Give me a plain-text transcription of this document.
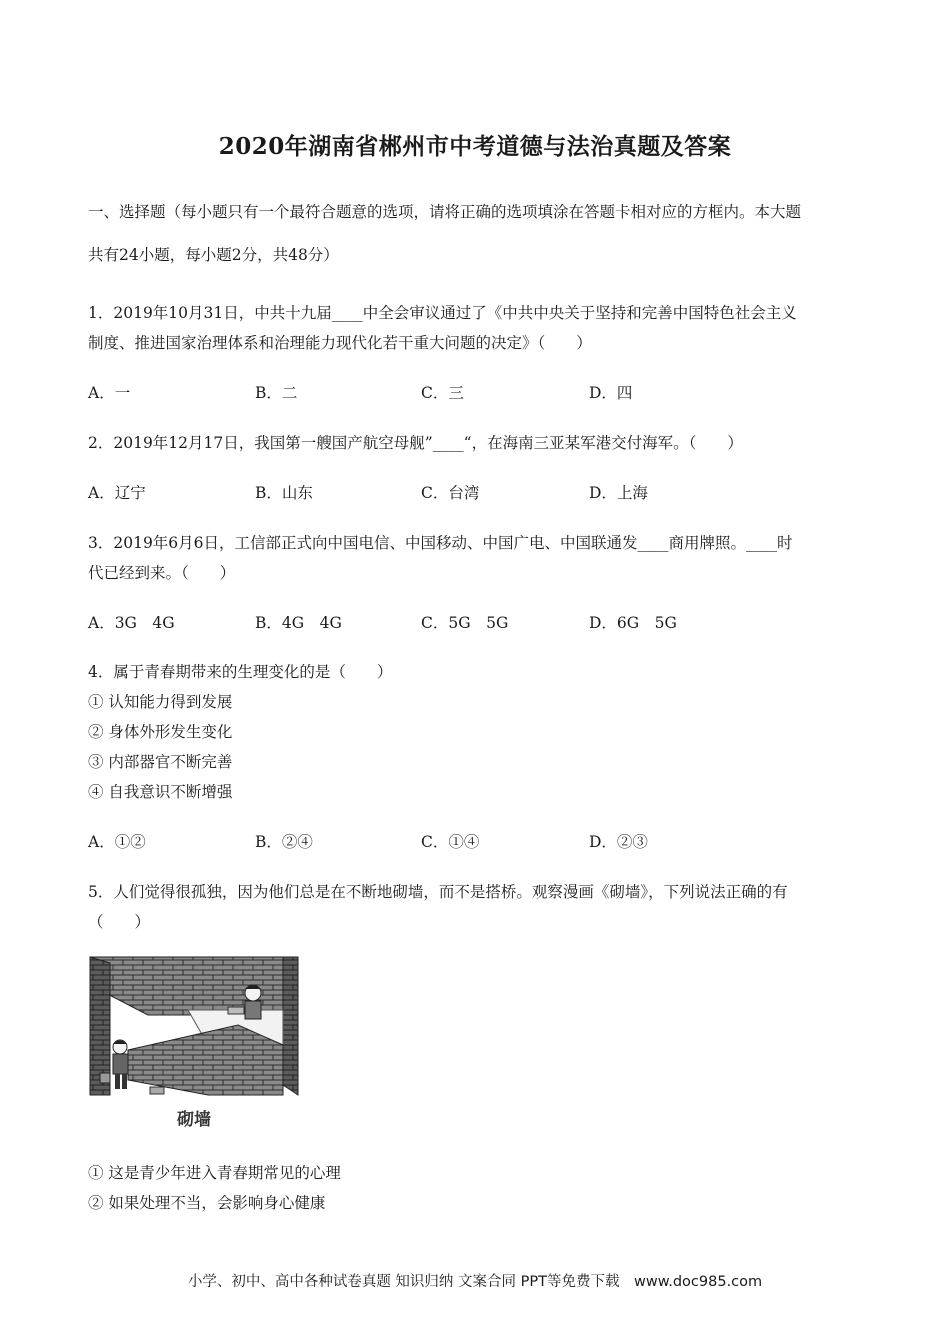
2020年湖南省郴州市中考道德与法治真题及答案
一、选择题（每小题只有一个最符合题意的选项，请将正确的选项填涂在答题卡相对应的方框内。本大题
共有24小题，每小题2分，共48分）
1．2019年10月31日，中共十九届____中全会审议通过了《中共中央关于坚持和完善中国特色社会主义
制度、推进国家治理体系和治理能力现代化若干重大问题的决定》（　　）
A．一	B．二	C．三	D．四
2．2019年12月17日，我国第一艘国产航空母舰”____“，在海南三亚某军港交付海军。（　　）
A．辽宁	B．山东	C．台湾	D．上海
3．2019年6月6日，工信部正式向中国电信、中国移动、中国广电、中国联通发____商用牌照。____时
代已经到来。（　　）
A．3G　4G	B．4G　4G	C．5G　5G	D．6G　5G
4．属于青春期带来的生理变化的是（　　）
① 认知能力得到发展
② 身体外形发生变化
③ 内部器官不断完善
④ 自我意识不断增强
A．①②	B．②④	C．①④	D．②③
5．人们觉得很孤独，因为他们总是在不断地砌墙，而不是搭桥。观察漫画《砌墙》，下列说法正确的有
（　　）
砌墙
① 这是青少年进入青春期常见的心理
② 如果处理不当，会影响身心健康
小学、初中、高中各种试卷真题 知识归纳 文案合同 PPT等免费下载　www.doc985.com
